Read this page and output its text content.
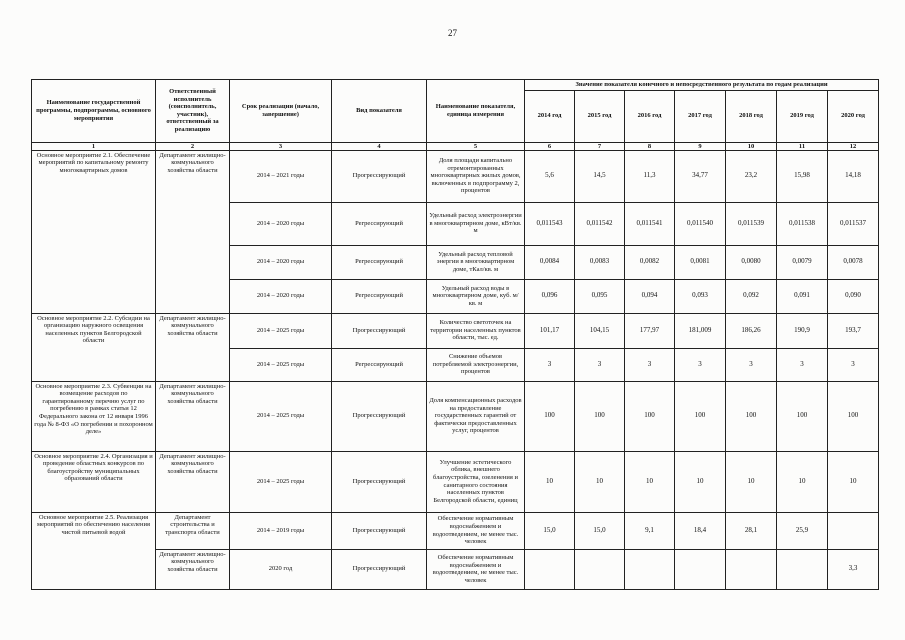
27
Наименование государственной программы, подпрограммы, основного мероприятия	Ответственный исполнитель (соисполнитель, участник), ответственный за реализацию	Срок реализации (начало, завершение)	Вид показателя	Наименование показателя, единица измерения	Значение показателя конечного и непосредственного результата по годам реализации						
					2014 год	2015 год	2016 год	2017 год	2018 год	2019 год	2020 год
1	2	3	4	5	6	7	8	9	10	11	12
Основное мероприятие 2.1. Обеспечение мероприятий по капитальному ремонту многоквартирных домов	Департамент жилищно-коммунального хозяйства области	2014 – 2021 годы	Прогрессирующий	Доля площади капитально отремонтированных многоквартирных жилых домов, включенных в подпрограмму 2, процентов	5,6	14,5	11,3	34,77	23,2	15,98	14,18
		2014 – 2020 годы	Регрессирующий	Удельный расход электроэнергии в многоквартирном доме, кВт/кв. м	0,011543	0,011542	0,011541	0,011540	0,011539	0,011538	0,011537
		2014 – 2020 годы	Регрессирующий	Удельный расход тепловой энергии в многоквартирном доме, тКал/кв. м	0,0084	0,0083	0,0082	0,0081	0,0080	0,0079	0,0078
		2014 – 2020 годы	Регрессирующий	Удельный расход воды в многоквартирном доме, куб. м/кв. м	0,096	0,095	0,094	0,093	0,092	0,091	0,090
Основное мероприятие 2.2. Субсидии на организацию наружного освещения населенных пунктов Белгородской области	Департамент жилищно-коммунального хозяйства области	2014 – 2025 годы	Прогрессирующий	Количество светоточек на территории населенных пунктов области, тыс. ед.	101,17	104,15	177,97	181,009	186,26	190,9	193,7
		2014 – 2025 годы	Регрессирующий	Снижение объемов потребляемой электроэнергии, процентов	3	3	3	3	3	3	3
Основное мероприятие 2.3. Субвенции на возмещение расходов по гарантированному перечню услуг по погребению в рамках статьи 12 Федерального закона от 12 января 1996 года № 8-ФЗ «О погребении и похоронном деле»	Департамент жилищно-коммунального хозяйства области	2014 – 2025 годы	Прогрессирующий	Доля компенсационных расходов на предоставление государственных гарантий от фактически предоставленных услуг, процентов	100	100	100	100	100	100	100
Основное мероприятие 2.4. Организация и проведение областных конкурсов по благоустройству муниципальных образований области	Департамент жилищно-коммунального хозяйства области	2014 – 2025 годы	Прогрессирующий	Улучшение эстетического облика, внешнего благоустройства, озеленения и санитарного состояния населенных пунктов Белгородской области, единиц	10	10	10	10	10	10	10
Основное мероприятие 2.5. Реализация мероприятий по обеспечению населения чистой питьевой водой	Департамент строительства и транспорта области	2014 – 2019 годы	Прогрессирующий	Обеспечение нормативным водоснабжением и водоотведением, не менее тыс. человек	15,0	15,0	9,1	18,4	28,1	25,9	
	Департамент жилищно-коммунального хозяйства области	2020 год	Прогрессирующий	Обеспечение нормативным водоснабжением и водоотведением, не менее тыс. человек							3,3
